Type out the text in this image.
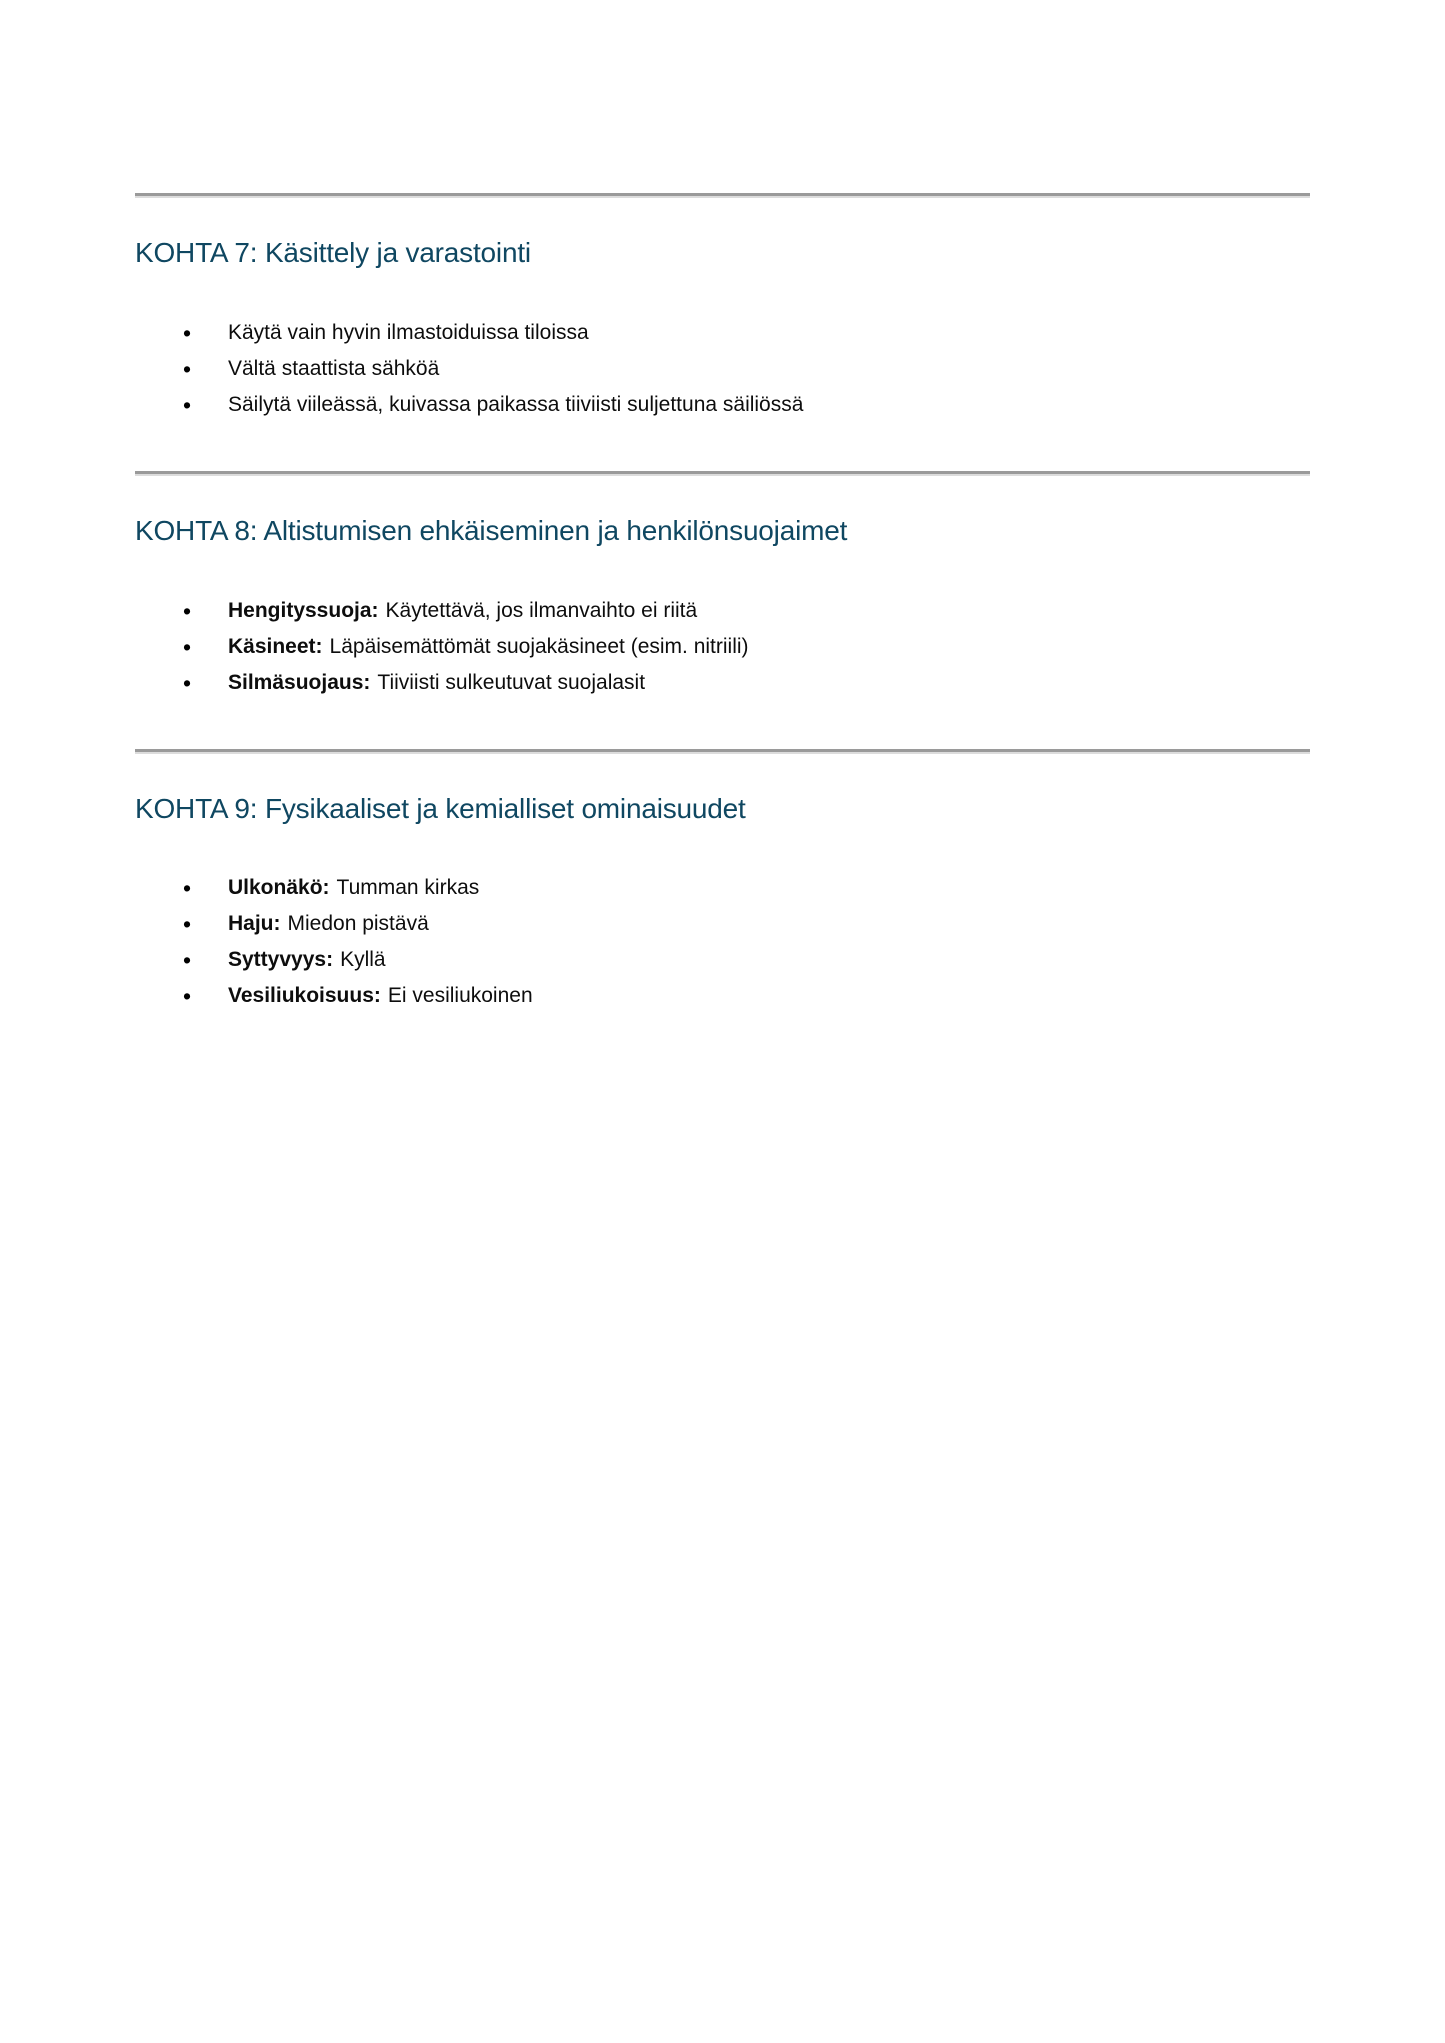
KOHTA 7: Käsittely ja varastointi
• Käytä vain hyvin ilmastoiduissa tiloissa
• Vältä staattista sähköä
• Säilytä viileässä, kuivassa paikassa tiiviisti suljettuna säiliössä
KOHTA 8: Altistumisen ehkäiseminen ja henkilönsuojaimet
• Hengityssuoja: Käytettävä, jos ilmanvaihto ei riitä
• Käsineet: Läpäisemättömät suojakäsineet (esim. nitriili)
• Silmäsuojaus: Tiiviisti sulkeutuvat suojalasit
KOHTA 9: Fysikaaliset ja kemialliset ominaisuudet
• Ulkonäkö: Tumman kirkas
• Haju: Miedon pistävä
• Syttyvyys: Kyllä
• Vesiliukoisuus: Ei vesiliukoinen
